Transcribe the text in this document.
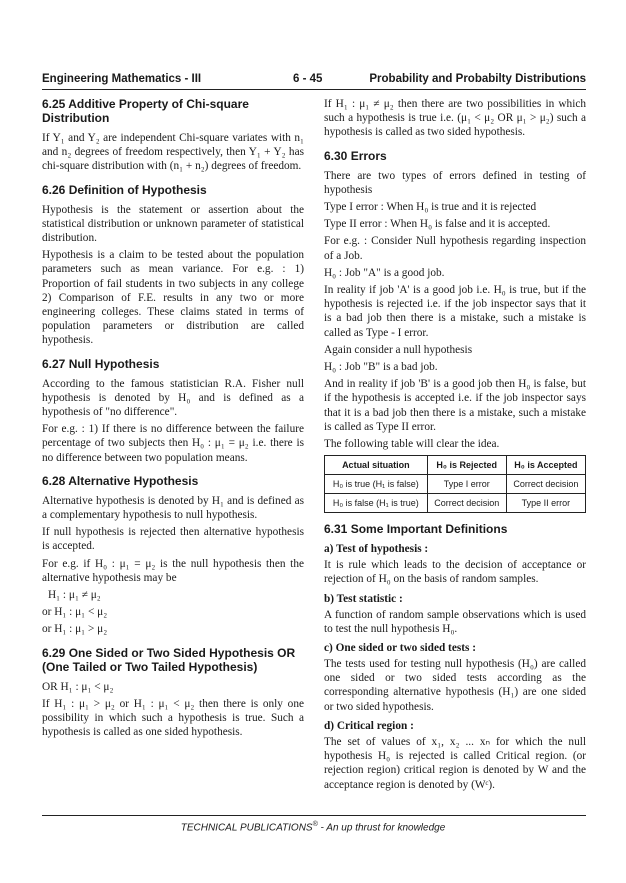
Engineering Mathematics - III	6 - 45	Probability and Probabilty Distributions
6.25 Additive Property of Chi-square Distribution

If Y₁ and Y₂ are independent Chi-square variates with n₁ and n₂ degrees of freedom respectively, then Y₁ + Y₂ has chi-square distribution with (n₁ + n₂) degrees of freedom.

6.26 Definition of Hypothesis

Hypothesis is the statement or assertion about the statistical distribution or unknown parameter of statistical distribution.

Hypothesis is a claim to be tested about the population parameters such as mean variance. For e.g. : 1) Proportion of fail students in two subjects in any college 2) Comparison of F.E. results in any two or more engineering colleges. These claims stated in terms of population parameters or distribution are called hypothesis.

6.27 Null Hypothesis

According to the famous statistician R.A. Fisher null hypothesis is denoted by H₀ and is defined as a hypothesis of "no difference".

For e.g. : 1) If there is no difference between the failure percentage of two subjects then H₀ : μ₁ = μ₂ i.e. there is no difference between two population means.

6.28 Alternative Hypothesis

Alternative hypothesis is denoted by H₁ and is defined as a complementary hypothesis to null hypothesis.

If null hypothesis is rejected then alternative hypothesis is accepted.

For e.g. if H₀ : μ₁ = μ₂ is the null hypothesis then the alternative hypothesis may be

H₁ : μ₁ ≠ μ₂

or H₁ : μ₁ < μ₂

or H₁ : μ₁ > μ₂

6.29 One Sided or Two Sided Hypothesis OR (One Tailed or Two Tailed Hypothesis)

OR H₁ : μ₁ < μ₂

If H₁ : μ₁ > μ₂ or H₁ : μ₁ < μ₂ then there is only one possibility in which such a hypothesis is true. Such a hypothesis is called as one sided hypothesis.

If H₁ : μ₁ ≠ μ₂ then there are two possibilities in which such a hypothesis is true i.e. (μ₁ < μ₂ OR μ₁ > μ₂) such a hypothesis is called as two sided hypothesis.

6.30 Errors

There are two types of errors defined in testing of hypothesis

Type I error : When H₀ is true and it is rejected

Type II error : When H₀ is false and it is accepted.

For e.g. : Consider Null hypothesis regarding inspection of a Job.

H₀ : Job "A" is a good job.

In reality if job 'A' is a good job i.e. H₀ is true, but if the hypothesis is rejected i.e. if the job inspector says that it is a bad job then there is a mistake, such a mistake is called as Type - I error.

Again consider a null hypothesis

H₀ : Job "B" is a bad job.

And in reality if job 'B' is a good job then H₀ is false, but if the hypothesis is accepted i.e. if the job inspector says that it is a bad job then there is a mistake, such a mistake is called as Type II error.

The following table will clear the idea.

Actual situation	H₀ is Rejected	H₀ is Accepted
H₀ is true (H₁ is false)	Type I error	Correct decision
H₀ is false (H₁ is true)	Correct decision	Type II error
6.31 Some Important Definitions
a) Test of hypothesis :

It is rule which leads to the decision of acceptance or rejection of H₀ on the basis of random samples.

b) Test statistic :

A function of random sample observations which is used to test the null hypothesis H₀.

c) One sided or two sided tests :

The tests used for testing null hypothesis (H₀) are called one sided or two sided tests according as the corresponding alternative hypothesis (H₁) are one sided or two sided hypothesis.

d) Critical region :

The set of values of x₁, x₂ ... xₙ for which the null hypothesis H₀ is rejected is called Critical region. (or rejection region) critical region is denoted by W and the acceptance region is denoted by (Wᶜ).

TECHNICAL PUBLICATIONS® - An up thrust for knowledge
